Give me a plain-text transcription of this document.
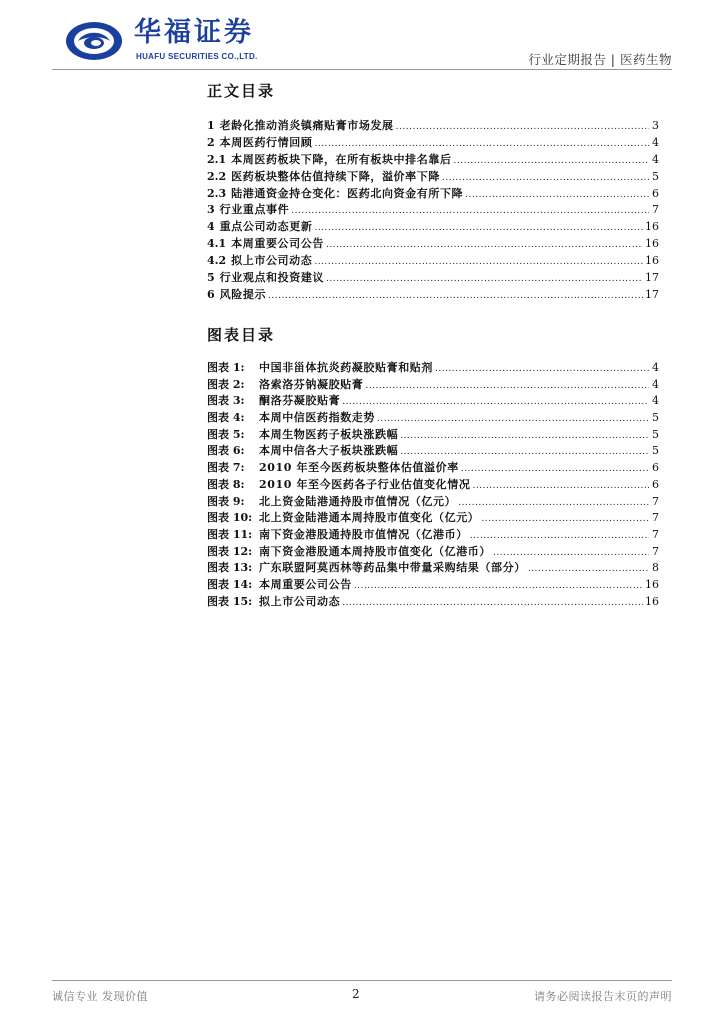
华福证券
HUAFU SECURITIES CO.,LTD.	行业定期报告 | 医药生物
正文目录
1 老龄化推动消炎镇痛贴膏市场发展 .....	3
2 本周医药行情回顾 .....	4
2.1 本周医药板块下降，在所有板块中排名靠后 .....	4
2.2 医药板块整体估值持续下降，溢价率下降 .....	5
2.3 陆港通资金持仓变化：医药北向资金有所下降 .....	6
3 行业重点事件 .....	7
4 重点公司动态更新 .....	16
4.1 本周重要公司公告 .....	16
4.2 拟上市公司动态 .....	16
5 行业观点和投资建议 .....	17
6 风险提示 .....	17
图表目录
图表 1:	中国非甾体抗炎药凝胶贴膏和贴剂 .....	4
图表 2:	洛索洛芬钠凝胶贴膏 .....	4
图表 3:	酮洛芬凝胶贴膏 .....	4
图表 4:	本周中信医药指数走势 .....	5
图表 5:	本周生物医药子板块涨跌幅 .....	5
图表 6:	本周中信各大子板块涨跌幅 .....	5
图表 7:	2010 年至今医药板块整体估值溢价率 .....	6
图表 8:	2010 年至今医药各子行业估值变化情况 .....	6
图表 9:	北上资金陆港通持股市值情况（亿元） .....	7
图表 10: 北上资金陆港通本周持股市值变化（亿元） .....	7
图表 11: 南下资金港股通持股市值情况（亿港币） .....	7
图表 12: 南下资金港股通本周持股市值变化（亿港币） .....	7
图表 13: 广东联盟阿莫西林等药品集中带量采购结果（部分） .....	8
图表 14: 本周重要公司公告 .....	16
图表 15: 拟上市公司动态 .....	16
诚信专业 发现价值	2	请务必阅读报告末页的声明
